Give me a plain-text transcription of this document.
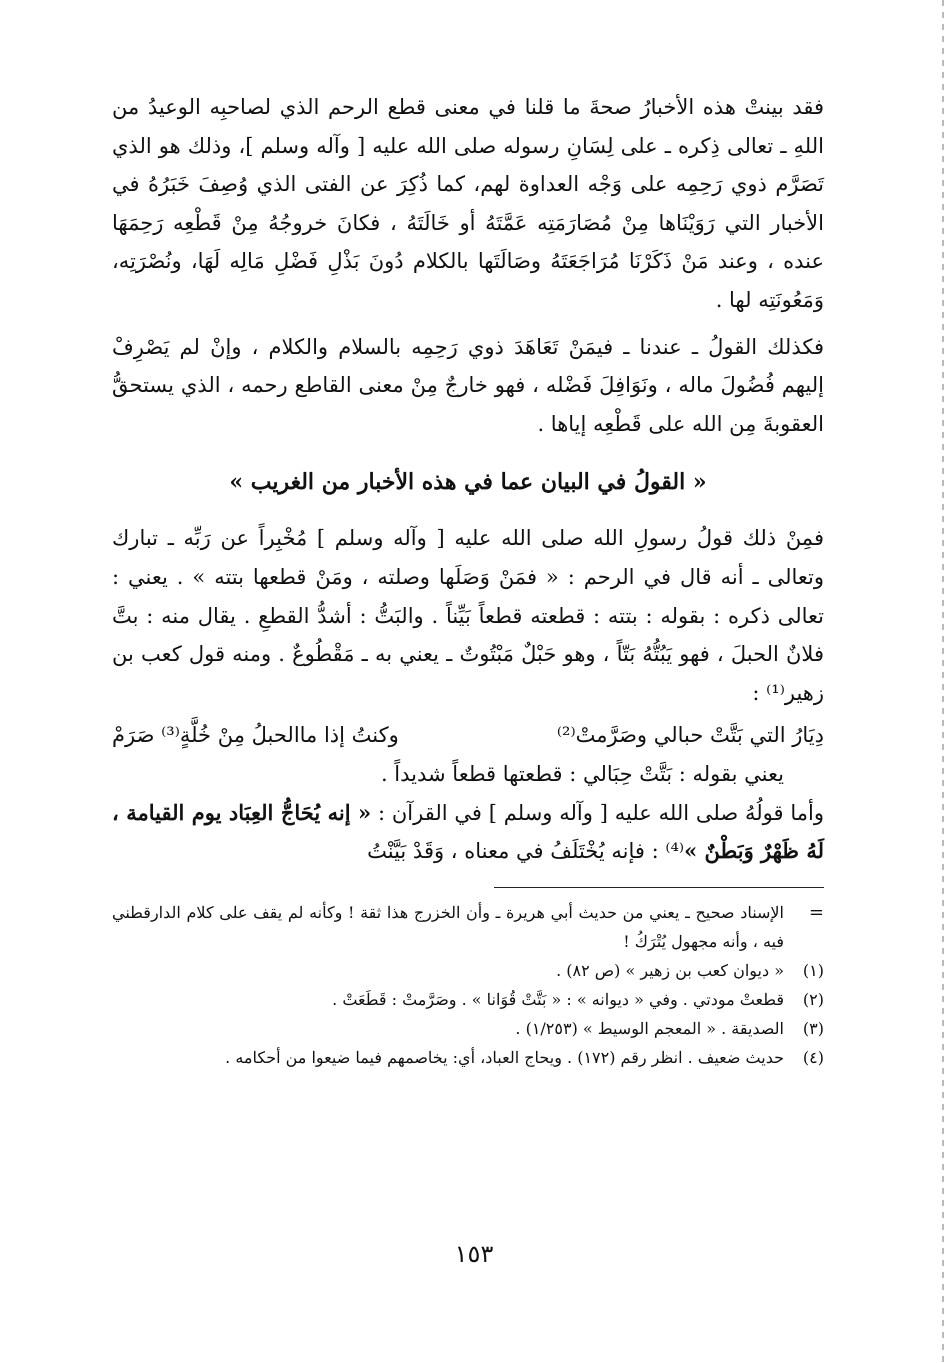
فقد بينتْ هذه الأخبارُ صحةَ ما قلنا في معنى قطع الرحم الذي لصاحبِه الوعيدُ من اللهِ ـ تعالى ذِكره ـ على لِسَانِ رسوله صلى الله عليه [ وآله وسلم ]، وذلك هو الذي تَصَرَّم ذوي رَحِمِه على وَجْه العداوة لهم، كما ذُكِرَ عن الفتى الذي وُصِفَ خَبَرُهُ في الأخبار التي رَوَيْنَاها مِنْ مُصَارَمَتِه عَمَّتَهُ أو خَالَتَهُ ، فكانَ خروجُهُ مِنْ قَطْعِه رَحِمَهَا عنده ، وعند مَنْ ذَكَرْنَا مُرَاجَعَتَهُ وصَالَتَها بالكلام دُونَ بَذْلِ فَضْلِ مَالِه لَهَا، ونُصْرَتِه، وَمَعُونَتِه لها .

فكذلك القولُ ـ عندنا ـ فيمَنْ تَعَاهَدَ ذوي رَحِمِه بالسلام والكلام ، وإنْ لم يَصْرِفْ إليهم فُضُولَ ماله ، ونَوَافِلَ فَضْله ، فهو خارجٌ مِنْ معنى القاطع رحمه ، الذي يستحقُّ العقوبةَ مِن الله على قَطْعِه إياها .

« القولُ في البيان عما في هذه الأخبار من الغريب »

فمِنْ ذلك قولُ رسولِ الله صلى الله عليه [ وآله وسلم ] مُخْبِراً عن رَبِّه ـ تبارك وتعالى ـ أنه قال في الرحم : « فمَنْ وَصَلَها وصلته ، ومَنْ قطعها بتته » . يعني : تعالى ذكره : بقوله : بتته : قطعته قطعاً بَيِّناً . والبَتُّ : أشدُّ القطعِ . يقال منه : بتَّ فلانٌ الحبلَ ، فهو يَبُتُّهُ بَتّاً ، وهو حَبْلٌ مَبْتُوتٌ ـ يعني به ـ مَقْطُوعٌ . ومنه قول كعب بن زهير⁽¹⁾ :

دِيَارُ التي بَتَّتْ حبالي وصَرَّمتْ⁽²⁾
وكنتُ إذا ماالحبلُ مِنْ خُلَّةٍ⁽³⁾ صَرَمْ
يعني بقوله : بَتَّتْ حِبَالي : قطعتها قطعاً شديداً .

وأما قولُهُ صلى الله عليه [ وآله وسلم ] في القرآن : « إنه يُحَاجُّ العِبَاد يوم القيامة ، لَهُ ظَهْرٌ وَبَطْنٌ »⁽⁴⁾ : فإنه يُخْتَلَفُ في معناه ، وَقَدْ بَيَّنْتُ

=
الإسناد صحيح ـ يعني من حديث أبي هريرة ـ وأن الخزرج هذا ثقة ! وكأنه لم يقف على كلام الدارقطني فيه ، وأنه مجهول يُتْرَكُ !
(١)
« ديوان كعب بن زهير » (ص ٨٢) .
(٢)
قطعتْ مودتي . وفي « ديوانه » : « بَتَّتْ قُوَانا » . وصَرَّمتْ : قَطَعَتْ .
(٣)
الصديقة . « المعجم الوسيط » (١/٢٥٣) .
(٤)
حديث ضعيف . انظر رقم (١٧٢) . ويحاج العباد، أي: يخاصمهم فيما ضيعوا من أحكامه .
١٥٣
